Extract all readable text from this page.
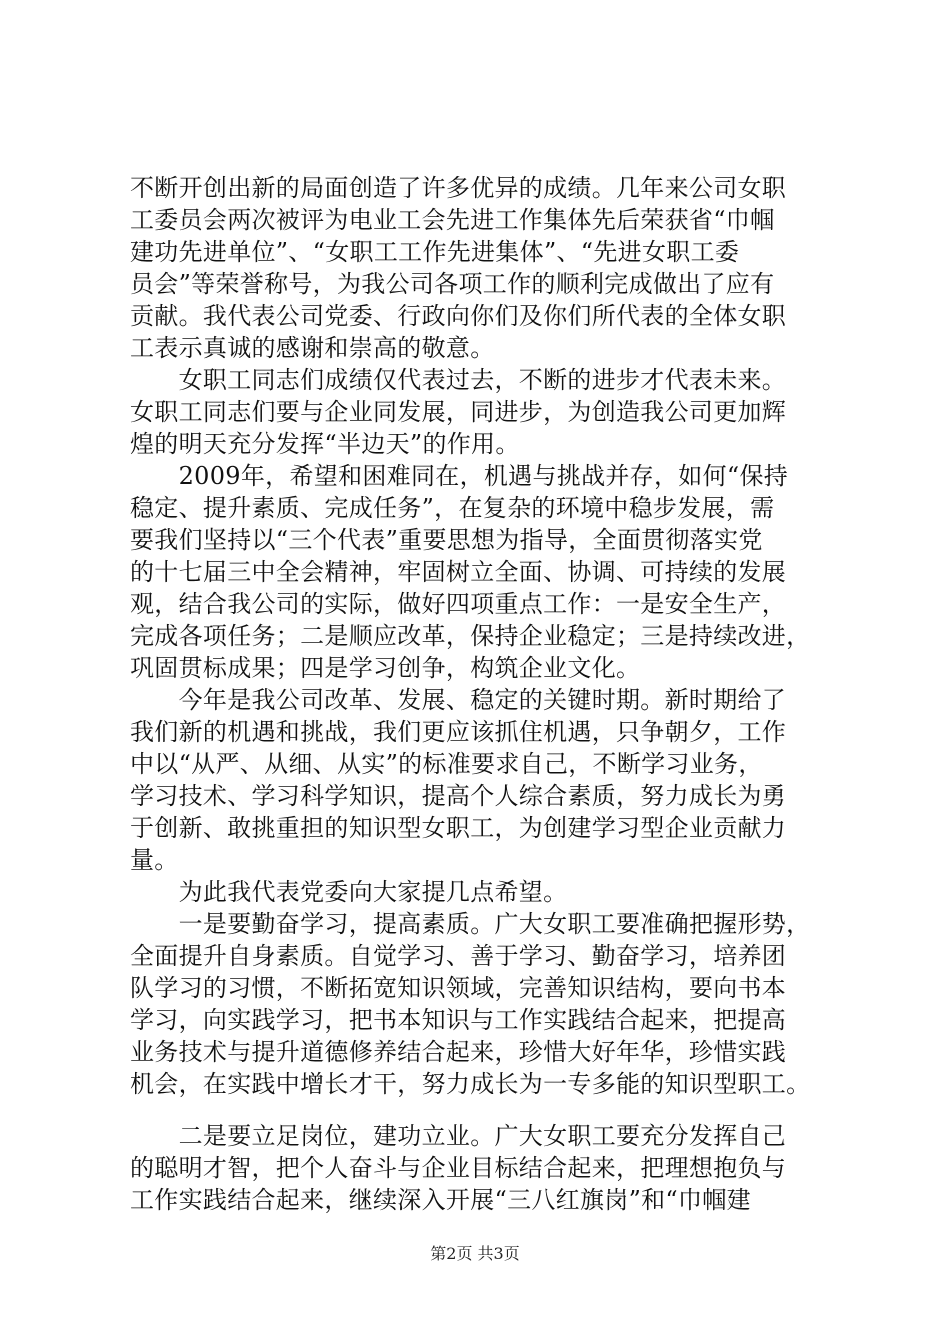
不断开创出新的局面创造了许多优异的成绩。几年来公司女职
工委员会两次被评为电业工会先进工作集体先后荣获省“巾帼
建功先进单位”、“女职工工作先进集体”、“先进女职工委
员会”等荣誉称号，为我公司各项工作的顺利完成做出了应有
贡献。我代表公司党委、行政向你们及你们所代表的全体女职
工表示真诚的感谢和崇高的敬意。
　　女职工同志们成绩仅代表过去，不断的进步才代表未来。
女职工同志们要与企业同发展，同进步，为创造我公司更加辉
煌的明天充分发挥“半边天”的作用。
　　2009年，希望和困难同在，机遇与挑战并存，如何“保持
稳定、提升素质、完成任务”，在复杂的环境中稳步发展，需
要我们坚持以“三个代表”重要思想为指导，全面贯彻落实党
的十七届三中全会精神，牢固树立全面、协调、可持续的发展
观，结合我公司的实际，做好四项重点工作：一是安全生产，
完成各项任务；二是顺应改革，保持企业稳定；三是持续改进，
巩固贯标成果；四是学习创争，构筑企业文化。
　　今年是我公司改革、发展、稳定的关键时期。新时期给了
我们新的机遇和挑战，我们更应该抓住机遇，只争朝夕，工作
中以“从严、从细、从实”的标准要求自己，不断学习业务，
学习技术、学习科学知识，提高个人综合素质，努力成长为勇
于创新、敢挑重担的知识型女职工，为创建学习型企业贡献力
量。
　　为此我代表党委向大家提几点希望。
　　一是要勤奋学习，提高素质。广大女职工要准确把握形势，
全面提升自身素质。自觉学习、善于学习、勤奋学习，培养团
队学习的习惯，不断拓宽知识领域，完善知识结构，要向书本
学习，向实践学习，把书本知识与工作实践结合起来，把提高
业务技术与提升道德修养结合起来，珍惜大好年华，珍惜实践
机会，在实践中增长才干，努力成长为一专多能的知识型职工。
　　二是要立足岗位，建功立业。广大女职工要充分发挥自己
的聪明才智，把个人奋斗与企业目标结合起来，把理想抱负与
工作实践结合起来，继续深入开展“三八红旗岗”和“巾帼建
第2页 共3页
